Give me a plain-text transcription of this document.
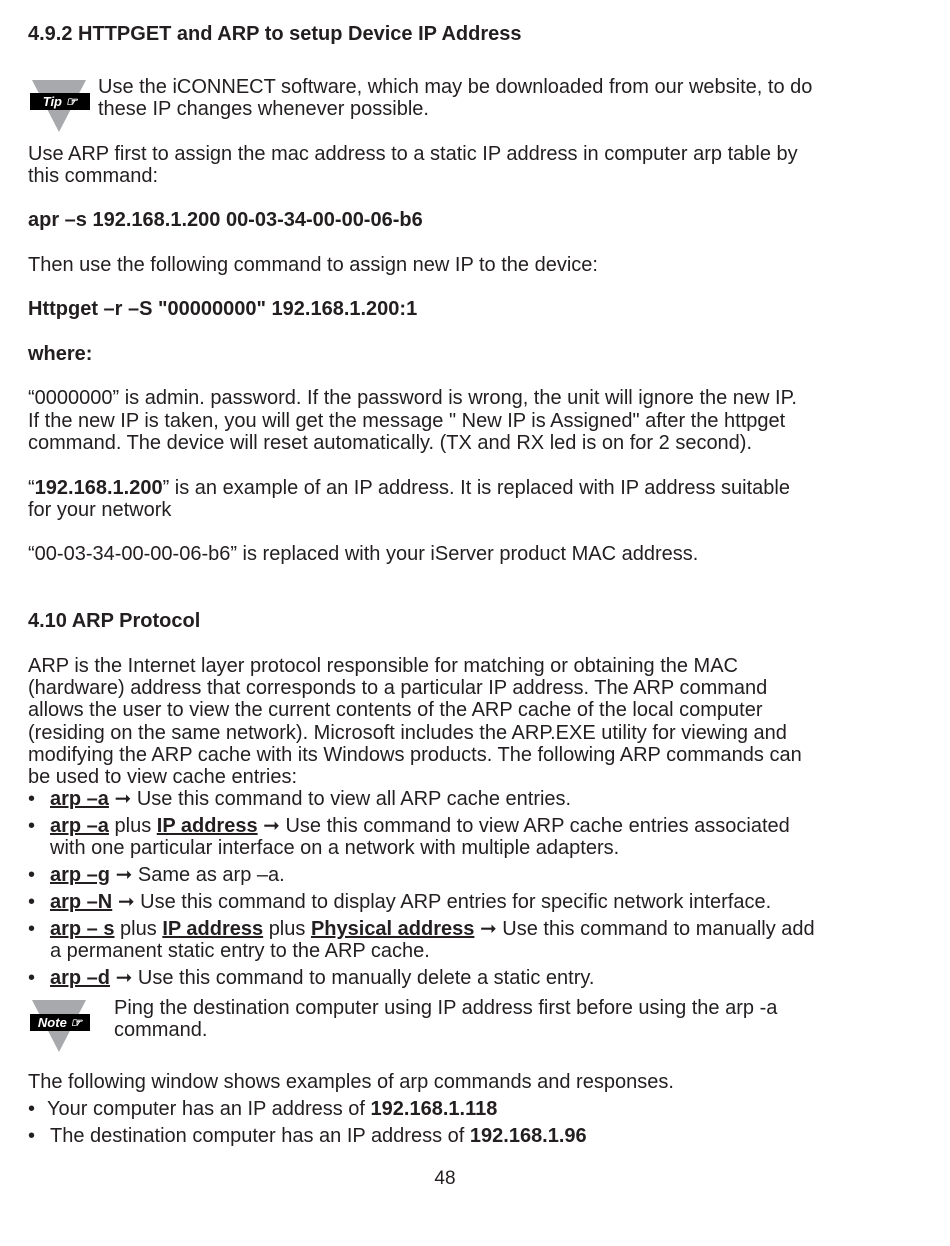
4.9.2 HTTPGET and ARP to setup Device IP Address

Tip ☞

Use the iCONNECT software, which may be downloaded from our website, to do

these IP changes whenever possible.

Use ARP first to assign the mac address to a static IP address in computer arp table by

this command:

apr –s 192.168.1.200 00-03-34-00-00-06-b6

Then use the following command to assign new IP to the device:

Httpget –r –S "00000000" 192.168.1.200:1

where:

“0000000” is admin. password. If the password is wrong, the unit will ignore the new IP.

If the new IP is taken, you will get the message " New IP is Assigned" after the httpget

command. The device will reset automatically. (TX and RX led is on for 2 second).

“192.168.1.200” is an example of an IP address. It is replaced with IP address suitable

for your network

“00-03-34-00-00-06-b6” is replaced with your iServer product MAC address.

4.10 ARP Protocol

ARP is the Internet layer protocol responsible for matching or obtaining the MAC

(hardware) address that corresponds to a particular IP address. The ARP command

allows the user to view the current contents of the ARP cache of the local computer

(residing on the same network). Microsoft includes the ARP.EXE utility for viewing and

modifying the ARP cache with its Windows products. The following ARP commands can

be used to view cache entries:

• arp –a ➞ Use this command to view all ARP cache entries.
• arp –a plus IP address ➞ Use this command to view ARP cache entries associated

with one particular interface on a network with multiple adapters.

• arp –g ➞ Same as arp –a.
• arp –N ➞ Use this command to display ARP entries for specific network interface.
• arp – s plus IP address plus Physical address ➞ Use this command to manually add

a permanent static entry to the ARP cache.

• arp –d ➞ Use this command to manually delete a static entry.
Note ☞

Ping the destination computer using IP address first before using the arp -a

command.

The following window shows examples of arp commands and responses.

• Your computer has an IP address of 192.168.1.118
• The destination computer has an IP address of 192.168.1.96
48
